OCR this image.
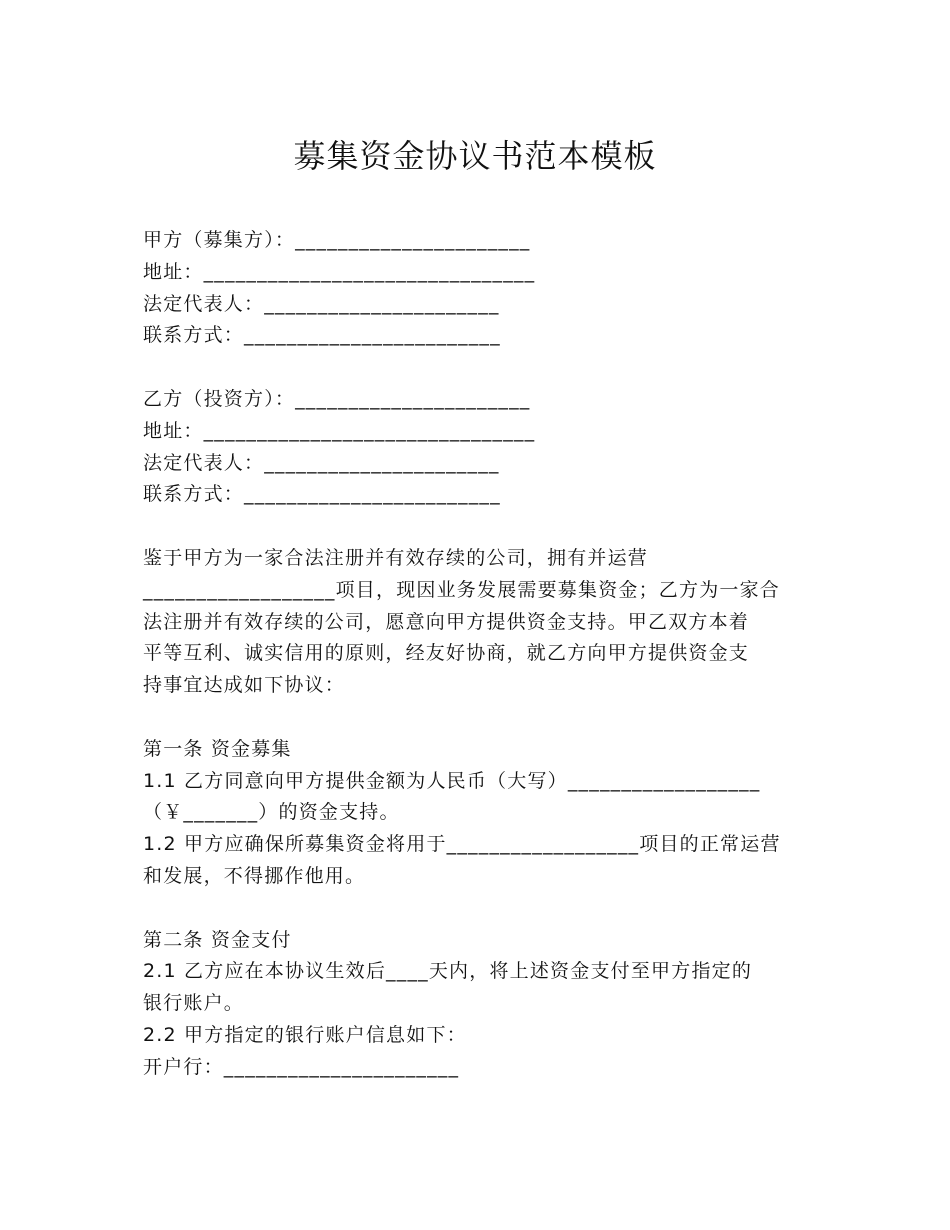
募集资金协议书范本模板
甲方（募集方）：______________________
地址：_______________________________
法定代表人：______________________
联系方式：________________________
乙方（投资方）：______________________
地址：_______________________________
法定代表人：______________________
联系方式：________________________
鉴于甲方为一家合法注册并有效存续的公司，拥有并运营
__________________项目，现因业务发展需要募集资金；乙方为一家合
法注册并有效存续的公司，愿意向甲方提供资金支持。甲乙双方本着
平等互利、诚实信用的原则，经友好协商，就乙方向甲方提供资金支
持事宜达成如下协议：
第一条 资金募集
1.1 乙方同意向甲方提供金额为人民币（大写）__________________
（￥_______）的资金支持。
1.2 甲方应确保所募集资金将用于__________________项目的正常运营
和发展，不得挪作他用。
第二条 资金支付
2.1 乙方应在本协议生效后____天内，将上述资金支付至甲方指定的
银行账户。
2.2 甲方指定的银行账户信息如下：
开户行：______________________
